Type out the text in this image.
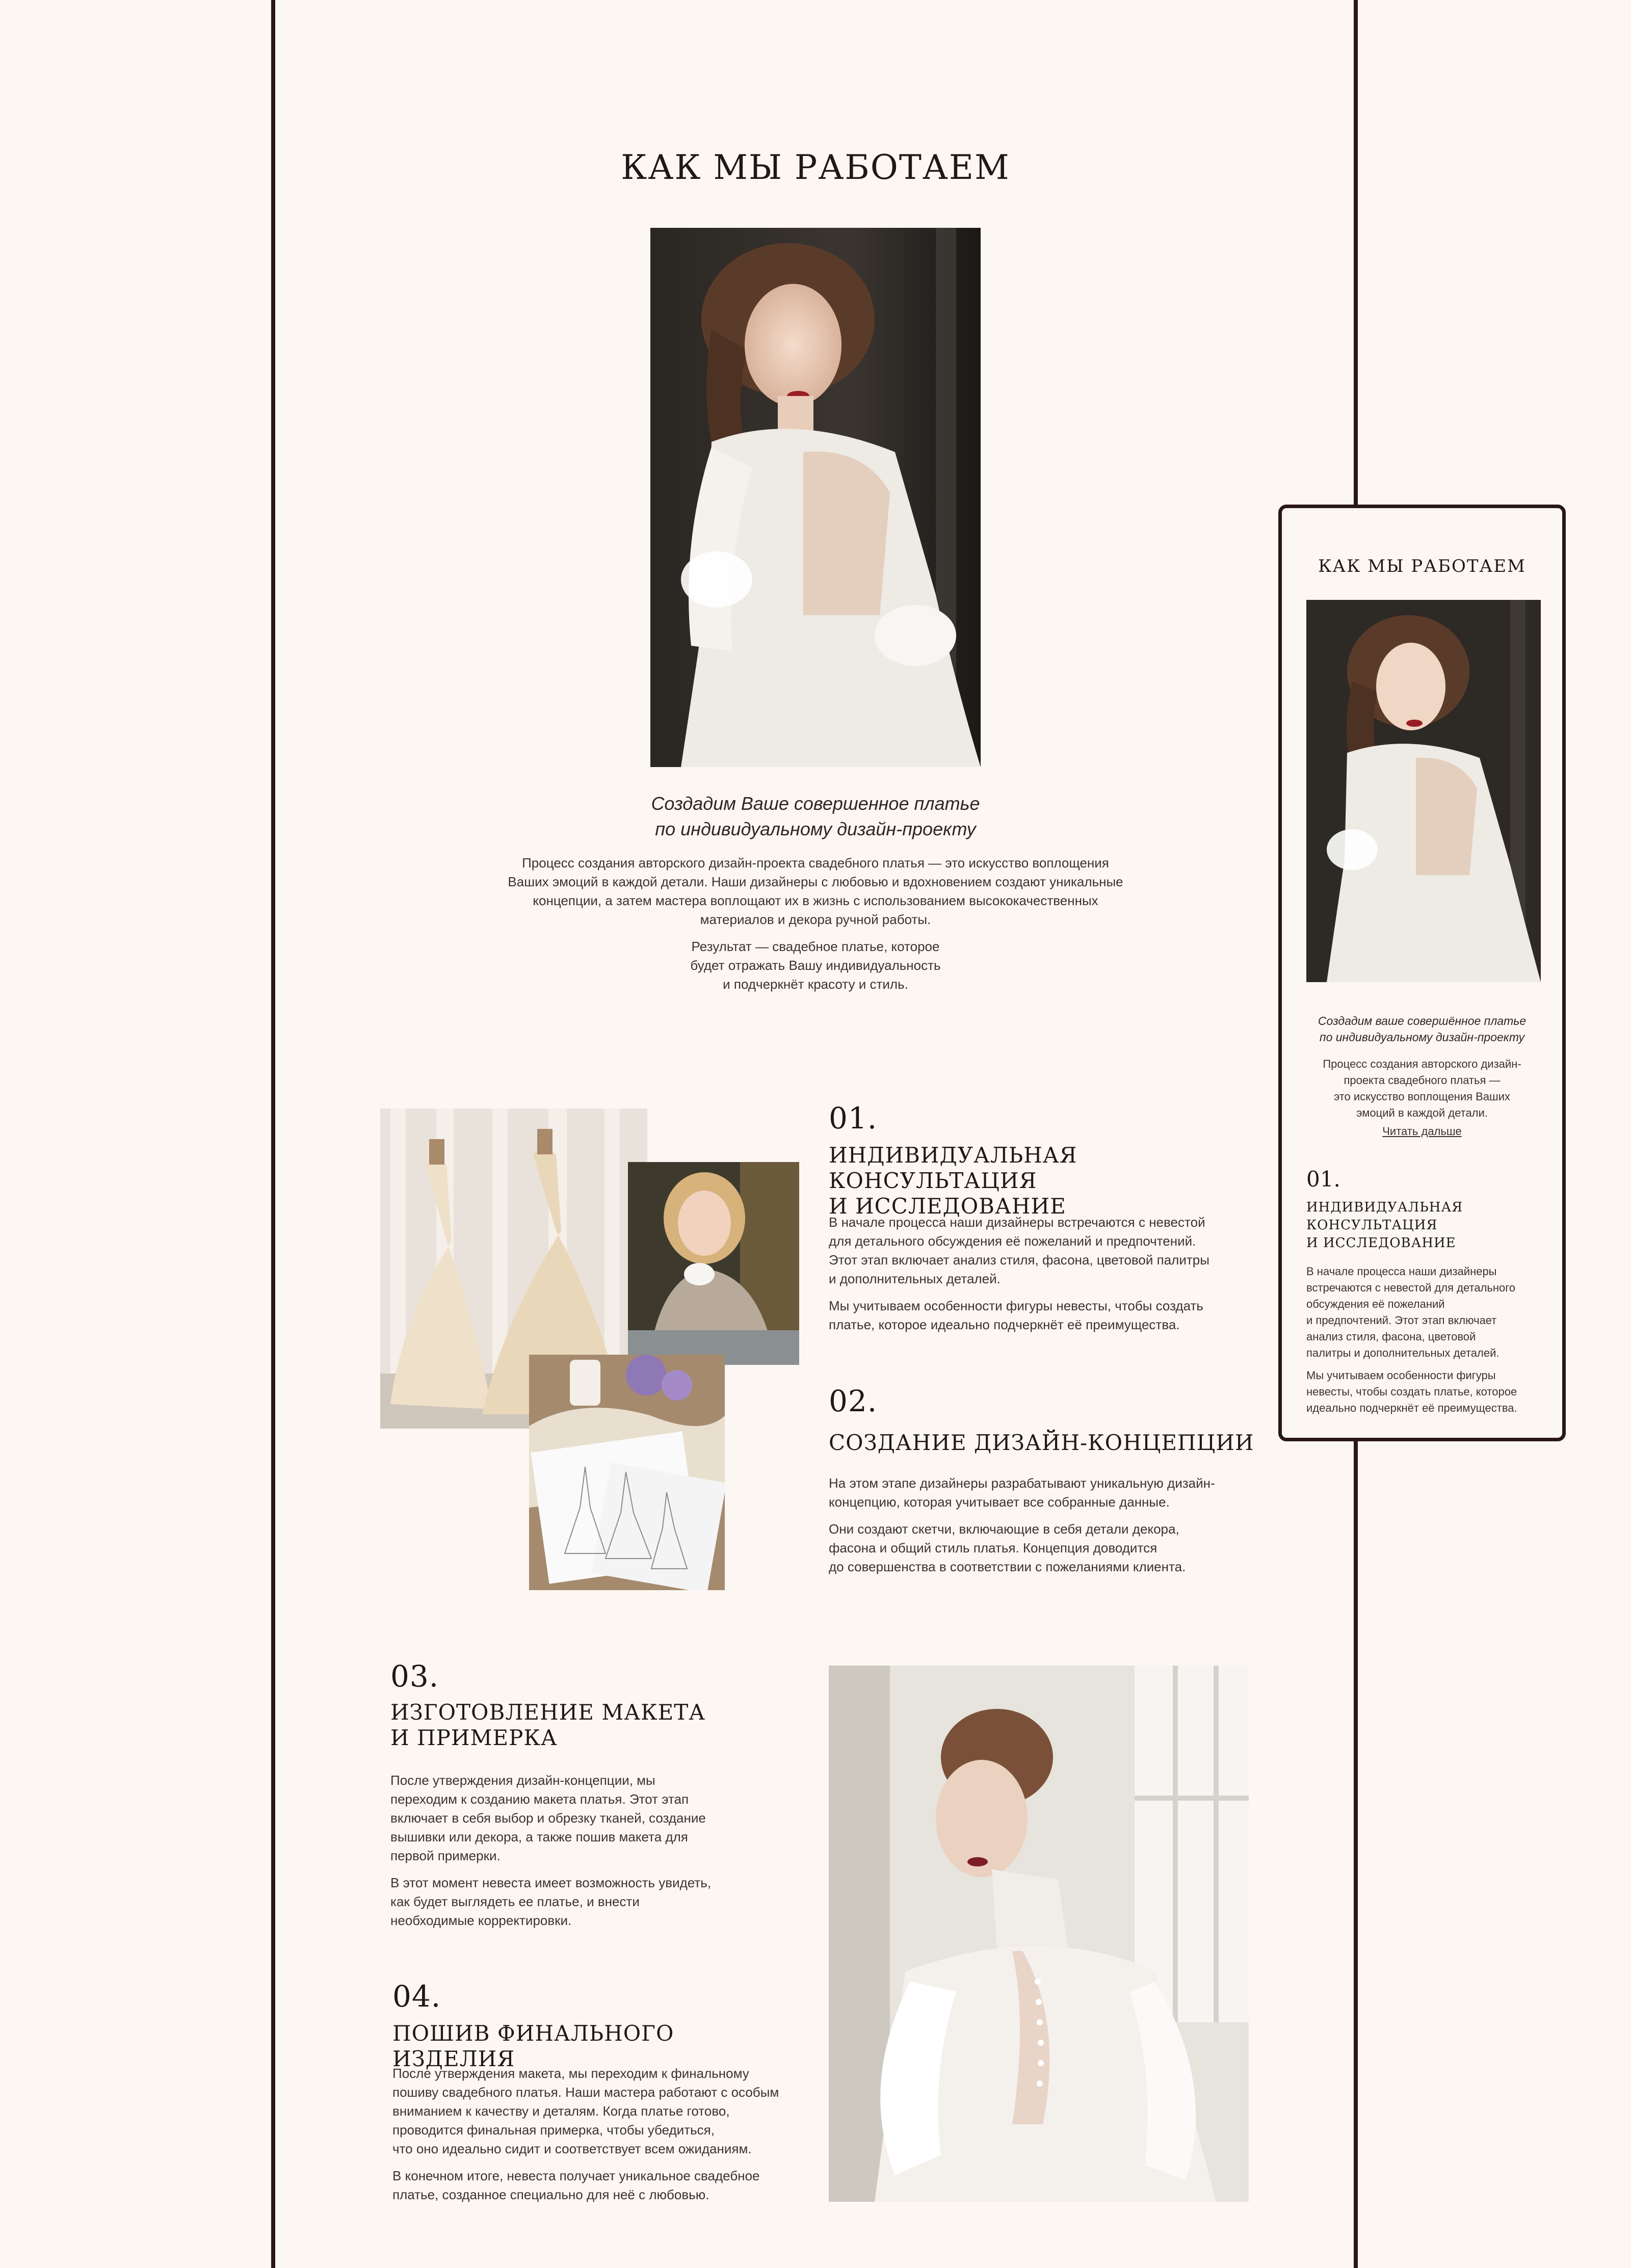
КАК МЫ РАБОТАЕМ
Создадим Ваше совершенное платье
по индивидуальному дизайн-проекту

Процесс создания авторского дизайн-проекта свадебного платья — это искусство воплощения
Ваших эмоций в каждой детали. Наши дизайнеры с любовью и вдохновением создают уникальные
концепции, а затем мастера воплощают их в жизнь с использованием высококачественных
материалов и декора ручной работы.

Результат — свадебное платье, которое
будет отражать Вашу индивидуальность
и подчеркнёт красоту и стиль.

01.
ИНДИВИДУАЛЬНАЯ КОНСУЛЬТАЦИЯ
И ИССЛЕДОВАНИЕ

В начале процесса наши дизайнеры встречаются с невестой
для детального обсуждения её пожеланий и предпочтений.
Этот этап включает анализ стиля, фасона, цветовой палитры
и дополнительных деталей.

Мы учитываем особенности фигуры невесты, чтобы создать
платье, которое идеально подчеркнёт её преимущества.

02.
СОЗДАНИЕ ДИЗАЙН-КОНЦЕПЦИИ

На этом этапе дизайнеры разрабатывают уникальную дизайн-
концепцию, которая учитывает все собранные данные.

Они создают скетчи, включающие в себя детали декора,
фасона и общий стиль платья. Концепция доводится
до совершенства в соответствии с пожеланиями клиента.

03.
ИЗГОТОВЛЕНИЕ МАКЕТА
И ПРИМЕРКА

После утверждения дизайн-концепции, мы
переходим к созданию макета платья. Этот этап
включает в себя выбор и обрезку тканей, создание
вышивки или декора, а также пошив макета для
первой примерки.

В этот момент невеста имеет возможность увидеть,
как будет выглядеть ее платье, и внести
необходимые корректировки.

04.
ПОШИВ ФИНАЛЬНОГО ИЗДЕЛИЯ

После утверждения макета, мы переходим к финальному
пошиву свадебного платья. Наши мастера работают с особым
вниманием к качеству и деталям. Когда платье готово,
проводится финальная примерка, чтобы убедиться,
что оно идеально сидит и соответствует всем ожиданиям.

В конечном итоге, невеста получает уникальное свадебное
платье, созданное специально для неё с любовью.

КАК МЫ РАБОТАЕМ
Создадим ваше совершённое платье
по индивидуальному дизайн-проекту

Процесс создания авторского дизайн-
проекта свадебного платья —
это искусство воплощения Ваших
эмоций в каждой детали.

Читать дальше
01.
ИНДИВИДУАЛЬНАЯ
КОНСУЛЬТАЦИЯ
И ИССЛЕДОВАНИЕ

В начале процесса наши дизайнеры
встречаются с невестой для детального
обсуждения её пожеланий
и предпочтений. Этот этап включает
анализ стиля, фасона, цветовой
палитры и дополнительных деталей.

Мы учитываем особенности фигуры
невесты, чтобы создать платье, которое
идеально подчеркнёт её преимущества.
